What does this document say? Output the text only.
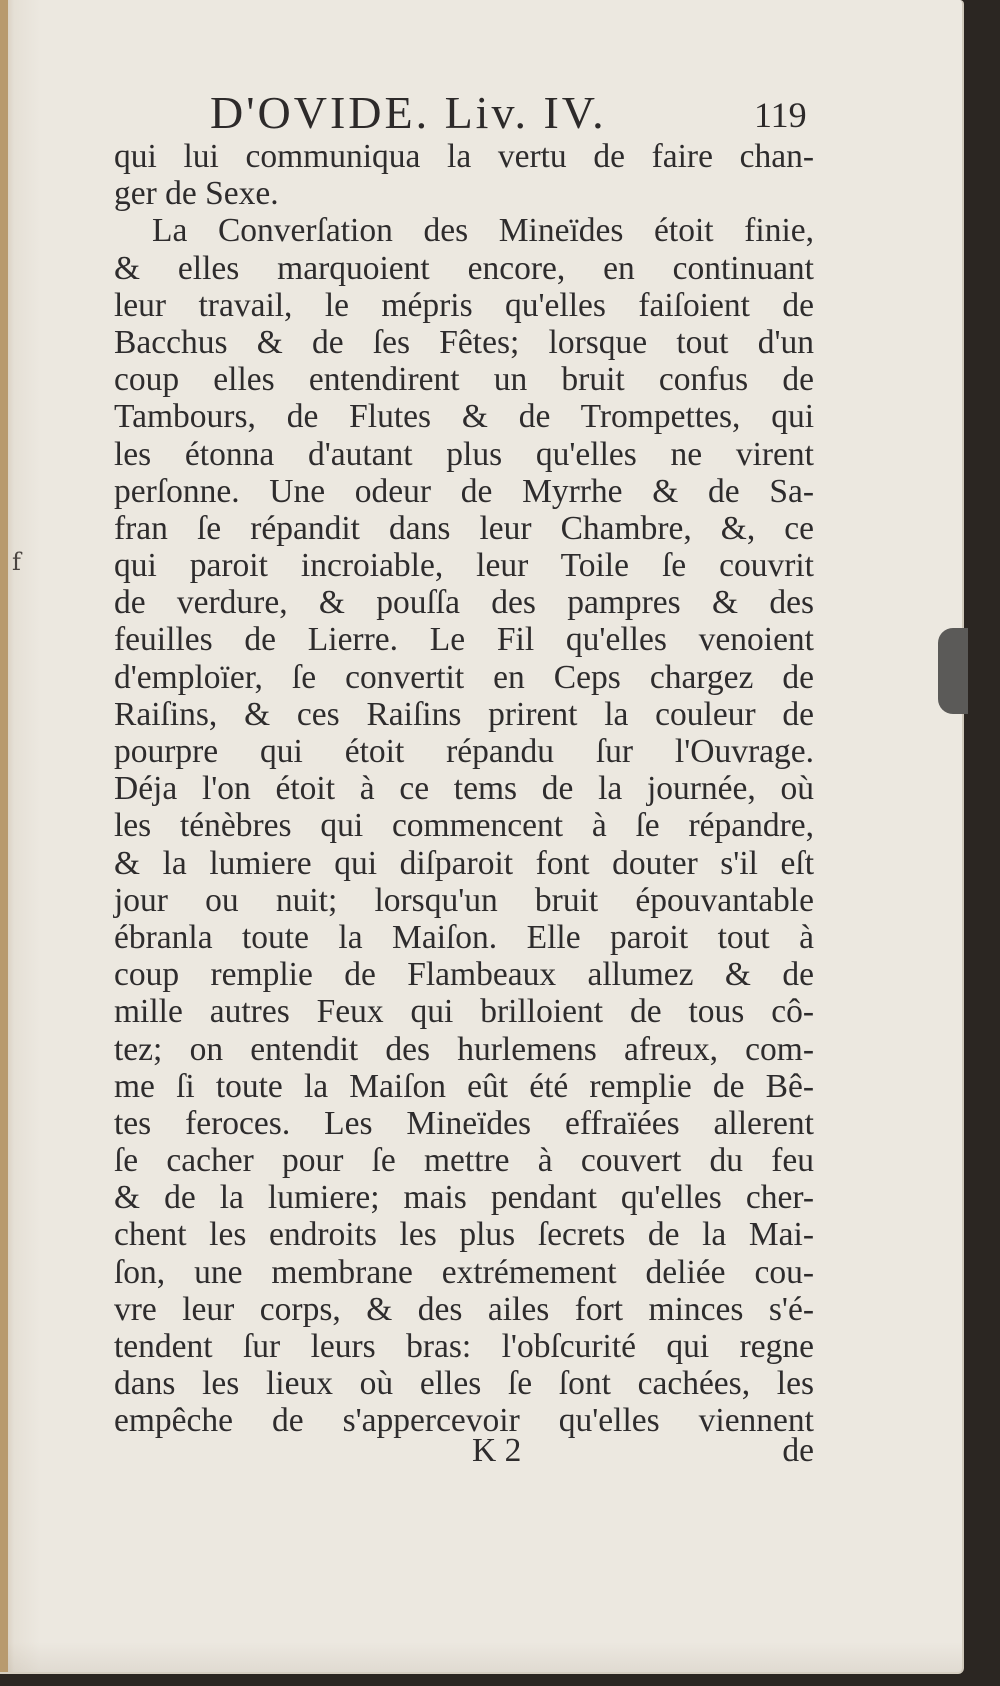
f
D'OVIDE. Liv. IV.	119
qui lui communiqua la vertu de faire chan-
ger de Sexe.
La Converſation des Mineïdes étoit finie,
& elles marquoient encore, en continuant
leur travail, le mépris qu'elles faiſoient de
Bacchus & de ſes Fêtes; lorsque tout d'un
coup elles entendirent un bruit confus de
Tambours, de Flutes & de Trompettes, qui
les étonna d'autant plus qu'elles ne virent
perſonne. Une odeur de Myrrhe & de Sa-
fran ſe répandit dans leur Chambre, &, ce
qui paroit incroiable, leur Toile ſe couvrit
de verdure, & pouſſa des pampres & des
feuilles de Lierre. Le Fil qu'elles venoient
d'emploïer, ſe convertit en Ceps chargez de
Raiſins, & ces Raiſins prirent la couleur de
pourpre qui étoit répandu ſur l'Ouvrage.
Déja l'on étoit à ce tems de la journée, où
les ténèbres qui commencent à ſe répandre,
& la lumiere qui diſparoit font douter s'il eſt
jour ou nuit; lorsqu'un bruit épouvantable
ébranla toute la Maiſon. Elle paroit tout à
coup remplie de Flambeaux allumez & de
mille autres Feux qui brilloient de tous cô-
tez; on entendit des hurlemens afreux, com-
me ſi toute la Maiſon eût été remplie de Bê-
tes feroces. Les Mineïdes effraïées allerent
ſe cacher pour ſe mettre à couvert du feu
& de la lumiere; mais pendant qu'elles cher-
chent les endroits les plus ſecrets de la Mai-
ſon, une membrane extrémement deliée cou-
vre leur corps, & des ailes fort minces s'é-
tendent ſur leurs bras: l'obſcurité qui regne
dans les lieux où elles ſe ſont cachées, les
empêche de s'appercevoir qu'elles viennent
K 2	de
